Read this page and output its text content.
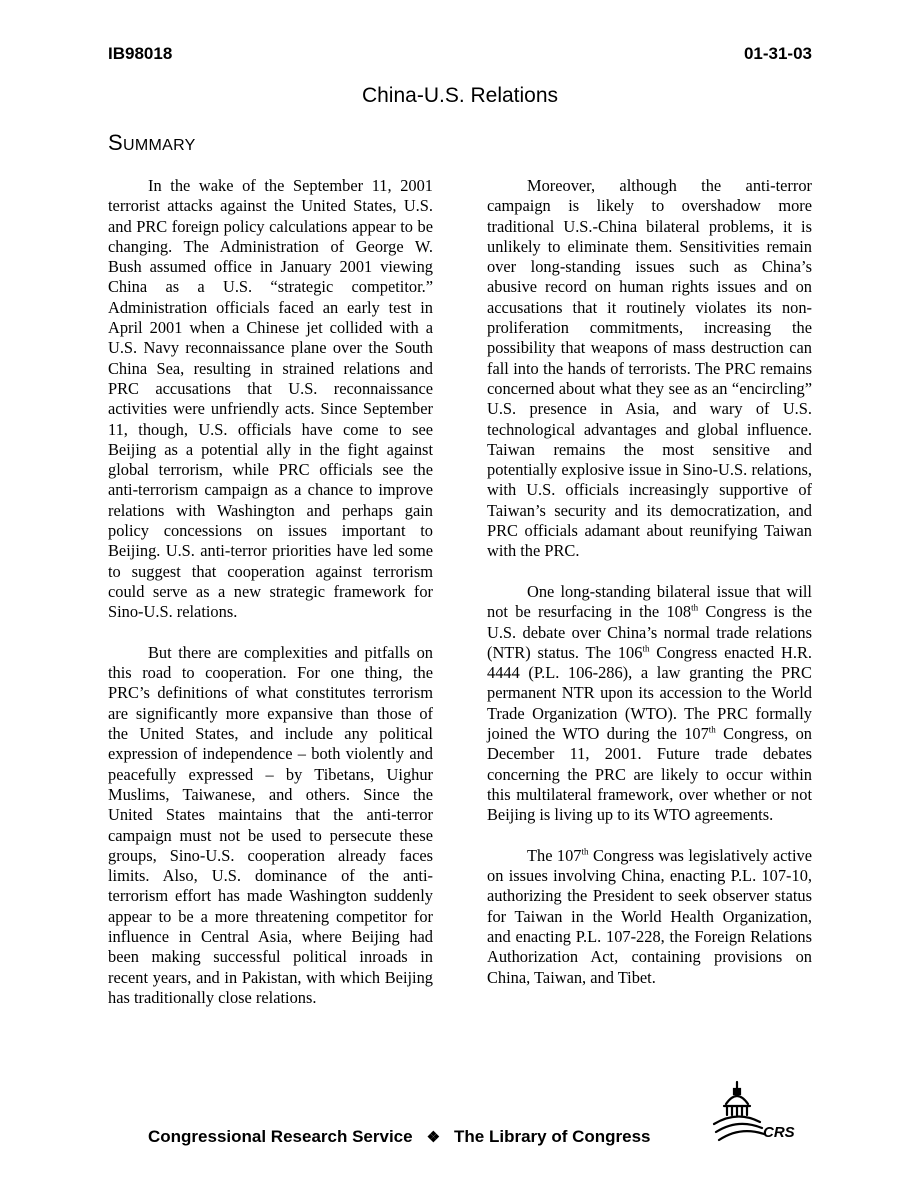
IB98018	01-31-03
China-U.S. Relations
SUMMARY

In the wake of the September 11, 2001 terrorist attacks against the United States, U.S. and PRC foreign policy calculations appear to be changing. The Administration of George W. Bush assumed office in January 2001 viewing China as a U.S. “strategic competitor.” Administration officials faced an early test in April 2001 when a Chinese jet collided with a U.S. Navy reconnaissance plane over the South China Sea, resulting in strained relations and PRC accusations that U.S. reconnaissance activities were unfriendly acts. Since September 11, though, U.S. officials have come to see Beijing as a potential ally in the fight against global terrorism, while PRC officials see the anti-terrorism campaign as a chance to improve relations with Washington and perhaps gain policy concessions on issues important to Beijing. U.S. anti-terror priorities have led some to suggest that cooperation against terrorism could serve as a new strategic framework for Sino-U.S. relations.

But there are complexities and pitfalls on this road to cooperation. For one thing, the PRC’s definitions of what constitutes terrorism are significantly more expansive than those of the United States, and include any political expression of independence – both violently and peacefully expressed – by Tibetans, Uighur Muslims, Taiwanese, and others. Since the United States maintains that the anti-terror campaign must not be used to persecute these groups, Sino-U.S. cooperation already faces limits. Also, U.S. dominance of the anti-terrorism effort has made Washington suddenly appear to be a more threatening competitor for influence in Central Asia, where Beijing had been making successful political inroads in recent years, and in Pakistan, with which Beijing has traditionally close relations.

Moreover, although the anti-terror campaign is likely to overshadow more traditional U.S.-China bilateral problems, it is unlikely to eliminate them. Sensitivities remain over long-standing issues such as China’s abusive record on human rights issues and on accusations that it routinely violates its non-proliferation commitments, increasing the possibility that weapons of mass destruction can fall into the hands of terrorists. The PRC remains concerned about what they see as an “encircling” U.S. presence in Asia, and wary of U.S. technological advantages and global influence. Taiwan remains the most sensitive and potentially explosive issue in Sino-U.S. relations, with U.S. officials increasingly supportive of Taiwan’s security and its democratization, and PRC officials adamant about reunifying Taiwan with the PRC.

One long-standing bilateral issue that will not be resurfacing in the 108th Congress is the U.S. debate over China’s normal trade relations (NTR) status. The 106th Congress enacted H.R. 4444 (P.L. 106-286), a law granting the PRC permanent NTR upon its accession to the World Trade Organization (WTO). The PRC formally joined the WTO during the 107th Congress, on December 11, 2001. Future trade debates concerning the PRC are likely to occur within this multilateral framework, over whether or not Beijing is living up to its WTO agreements.

The 107th Congress was legislatively active on issues involving China, enacting P.L. 107-10, authorizing the President to seek observer status for Taiwan in the World Health Organization, and enacting P.L. 107-228, the Foreign Relations Authorization Act, containing provisions on China, Taiwan, and Tibet.

Congressional Research Service ❖ The Library of Congress	CRS
